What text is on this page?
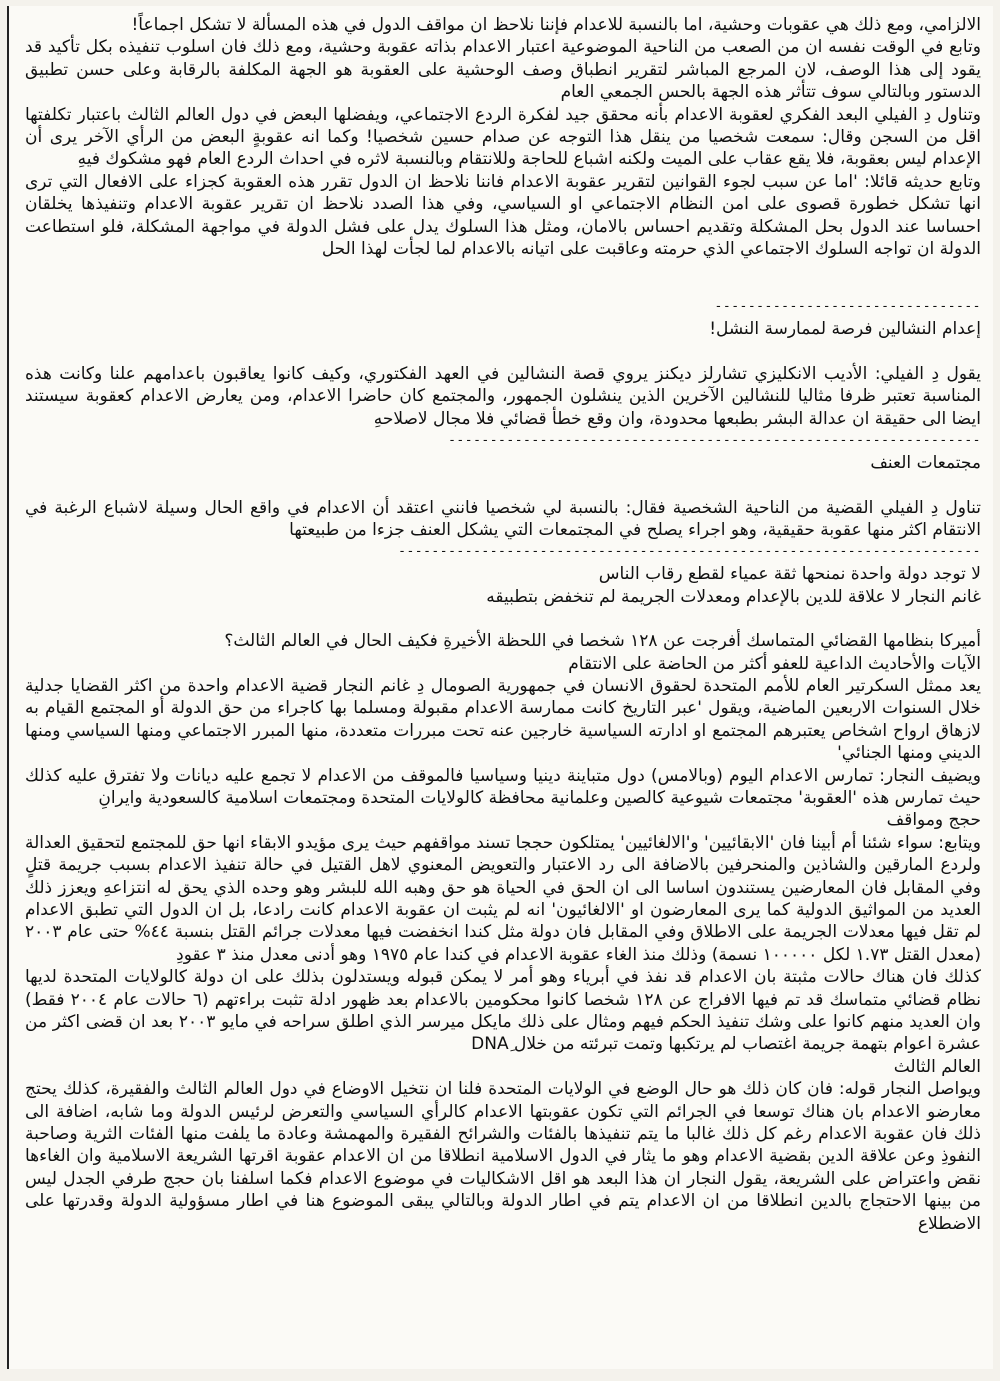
الالزامي، ومع ذلك هي عقوبات وحشية، اما بالنسبة للاعدام فإننا نلاحظ ان مواقف الدول في هذه المسألة لا تشكل اجماعاً!
وتابع في الوقت نفسه ان من الصعب من الناحية الموضوعية اعتبار الاعدام بذاته عقوبة وحشية، ومع ذلك فان اسلوب تنفيذه بكل تأكيد قد يقود إلى هذا الوصف، لان المرجع المباشر لتقرير انطباق وصف الوحشية على العقوبة هو الجهة المكلفة بالرقابة وعلى حسن تطبيق الدستور وبالتالي سوف تتأثر هذه الجهة بالحس الجمعي العام

وتناول دِ الفيلي البعد الفكري لعقوبة الاعدام بأنه محقق جيد لفكرة الردع الاجتماعي، ويفضلها البعض في دول العالم الثالث باعتبار تكلفتها اقل من السجن وقال: سمعت شخصيا من ينقل هذا التوجه عن صدام حسين شخصيا! وكما انه عقوبةٍ البعض من الرأي الآخر يرى أن الإعدام ليس بعقوبة، فلا يقع عقاب على الميت ولكنه اشباع للحاجة وللانتقام وبالنسبة لاثره في احداث الردع العام فهو مشكوك فيهِ

وتابع حديثه قائلا: 'اما عن سبب لجوء القوانين لتقرير عقوبة الاعدام فاننا نلاحظ ان الدول تقرر هذه العقوبة كجزاء على الافعال التي ترى انها تشكل خطورة قصوى على امن النظام الاجتماعي او السياسي، وفي هذا الصدد نلاحظ ان تقرير عقوبة الاعدام وتنفيذها يخلقان احساسا عند الدول بحل المشكلة وتقديم احساس بالامان، ومثل هذا السلوك يدل على فشل الدولة في مواجهة المشكلة، فلو استطاعت الدولة ان تواجه السلوك الاجتماعي الذي حرمته وعاقبت على اتيانه بالاعدام لما لجأت لهذا الحل

--------------------------------

إعدام النشالين فرصة لممارسة النشل!

يقول دِ الفيلي: الأديب الانكليزي تشارلز ديكنز يروي قصة النشالين في العهد الفكتوري، وكيف كانوا يعاقبون باعدامهم علنا وكانت هذه المناسبة تعتبر ظرفا مثاليا للنشالين الآخرين الذين ينشلون الجمهور، والمجتمع كان حاضرا الاعدام، ومن يعارض الاعدام كعقوبة سيستند ايضا الى حقيقة ان عدالة البشر بطبعها محدودة، وان وقع خطأ قضائي فلا مجال لاصلاحهِ

----------------------------------------------------------------

مجتمعات العنف

تناول دِ الفيلي القضية من الناحية الشخصية فقال: بالنسبة لي شخصيا فانني اعتقد أن الاعدام في واقع الحال وسيلة لاشباع الرغبة في الانتقام اكثر منها عقوبة حقيقية، وهو اجراء يصلح في المجتمعات التي يشكل العنف جزءا من طبيعتها

----------------------------------------------------------------------

لا توجد دولة واحدة نمنحها ثقة عمياء لقطع رقاب الناس

غانم النجار لا علاقة للدين بالإعدام ومعدلات الجريمة لم تنخفض بتطبيقه

أميركا بنظامها القضائي المتماسك أفرجت عن ١٢٨ شخصا في اللحظة الأخيرةِ فكيف الحال في العالم الثالث؟

الآيات والأحاديث الداعية للعفو أكثر من الحاضة على الانتقام

يعد ممثل السكرتير العام للأمم المتحدة لحقوق الانسان في جمهورية الصومال دِ غانم النجار قضية الاعدام واحدة من اكثر القضايا جدلية خلال السنوات الاربعين الماضية، ويقول 'عبر التاريخ كانت ممارسة الاعدام مقبولة ومسلما بها كاجراء من حق الدولة أو المجتمع القيام به لازهاق ارواح اشخاص يعتبرهم المجتمع او ادارته السياسية خارجين عنه تحت مبررات متعددة، منها المبرر الاجتماعي ومنها السياسي ومنها الديني ومنها الجنائي'

ويضيف النجار: تمارس الاعدام اليوم (وبالامس) دول متباينة دينيا وسياسيا فالموقف من الاعدام لا تجمع عليه ديانات ولا تفترق عليه كذلك حيث تمارس هذه 'العقوبة' مجتمعات شيوعية كالصين وعلمانية محافظة كالولايات المتحدة ومجتمعات اسلامية كالسعودية وايرانِ

حجج ومواقف

ويتابع: سواء شئنا أم أبينا فان 'الابقائيين' و'الالغائيين' يمتلكون حججا تسند مواقفهم حيث يرى مؤيدو الابقاء انها حق للمجتمع لتحقيق العدالة ولردع المارقين والشاذين والمنحرفين بالاضافة الى رد الاعتبار والتعويض المعنوي لاهل القتيل في حالة تنفيذ الاعدام بسبب جريمة قتلٍ وفي المقابل فان المعارضين يستندون اساسا الى ان الحق في الحياة هو حق وهبه الله للبشر وهو وحده الذي يحق له انتزاعهِ ويعزز ذلك العديد من المواثيق الدولية كما يرى المعارضون او 'الالغائيون' انه لم يثبت ان عقوبة الاعدام كانت رادعا، بل ان الدول التي تطبق الاعدام لم تقل فيها معدلات الجريمة على الاطلاق وفي المقابل فان دولة مثل كندا انخفضت فيها معدلات جرائم القتل بنسبة ٤٤% حتى عام ٢٠٠٣ (معدل القتل ١.٧٣ لكل ١٠٠٠٠٠ نسمة) وذلك منذ الغاء عقوبة الاعدام في كندا عام ١٩٧٥ وهو أدنى معدل منذ ٣ عقودِ

كذلك فان هناك حالات مثبتة بان الاعدام قد نفذ في أبرياء وهو أمر لا يمكن قبوله ويستدلون بذلك على ان دولة كالولايات المتحدة لديها نظام قضائي متماسك قد تم فيها الافراج عن ١٢٨ شخصا كانوا محكومين بالاعدام بعد ظهور ادلة تثبت براءتهم (٦ حالات عام ٢٠٠٤ فقط) وان العديد منهم كانوا على وشك تنفيذ الحكم فيهم ومثال على ذلك مايكل ميرسر الذي اطلق سراحه في مايو ٢٠٠٣ بعد ان قضى اكثر من عشرة اعوام بتهمة جريمة اغتصاب لم يرتكبها وتمت تبرئته من خلال DNAِ

العالم الثالث

ويواصل النجار قوله: فان كان ذلك هو حال الوضع في الولايات المتحدة فلنا ان نتخيل الاوضاع في دول العالم الثالث والفقيرة، كذلك يحتج معارضو الاعدام بان هناك توسعا في الجرائم التي تكون عقوبتها الاعدام كالرأي السياسي والتعرض لرئيس الدولة وما شابه، اضافة الى ذلك فان عقوبة الاعدام رغم كل ذلك غالبا ما يتم تنفيذها بالفئات والشرائح الفقيرة والمهمشة وعادة ما يلفت منها الفئات الثرية وصاحبة النفوذِ وعن علاقة الدين بقضية الاعدام وهو ما يثار في الدول الاسلامية انطلاقا من ان الاعدام عقوبة اقرتها الشريعة الاسلامية وان الغاءها نقض واعتراض على الشريعة، يقول النجار ان هذا البعد هو اقل الاشكاليات في موضوع الاعدام فكما اسلفنا بان حجج طرفي الجدل ليس من بينها الاحتجاج بالدين انطلاقا من ان الاعدام يتم في اطار الدولة وبالتالي يبقى الموضوع هنا في اطار مسؤولية الدولة وقدرتها على الاضطلاع
